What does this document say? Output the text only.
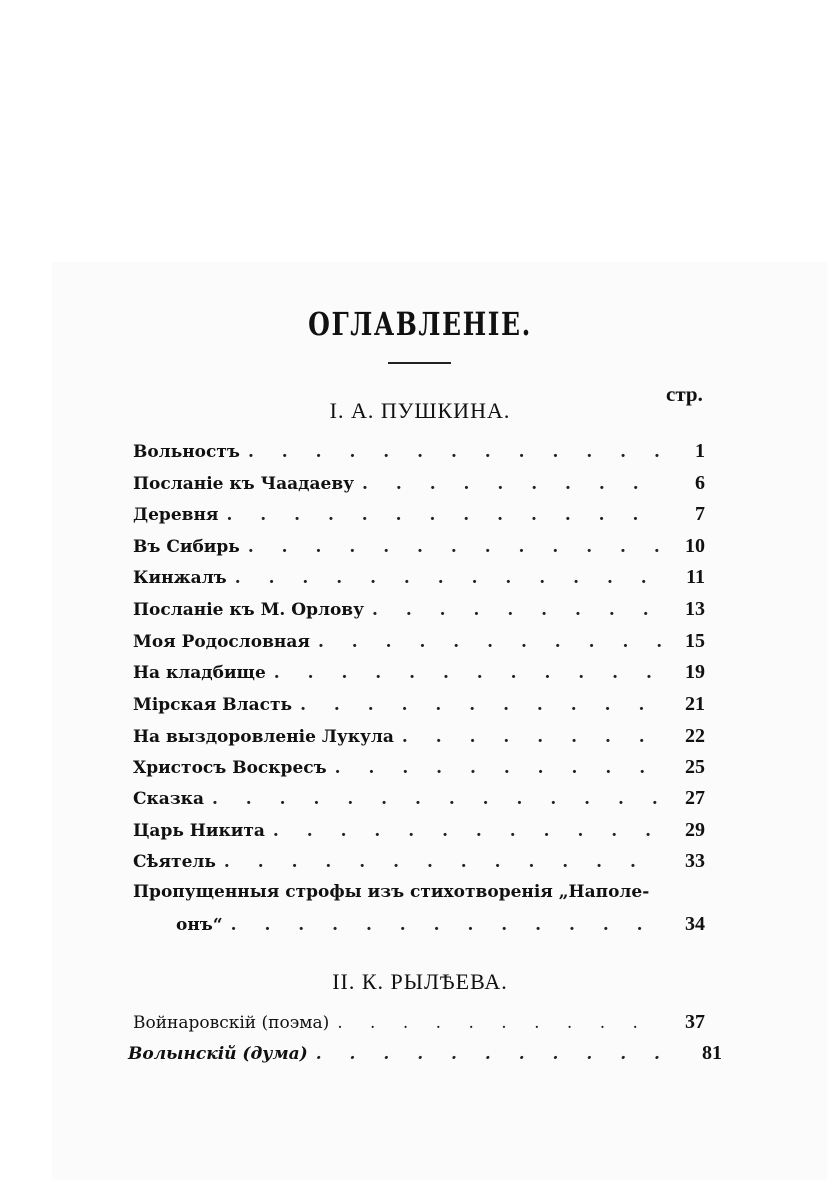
ОГЛАВЛЕНІЕ.
стр.
I. А. ПУШКИНА.
Вольностъ . . .	1
Посланіе къ Чаадаеву . . .	6
Деревня . . .	7
Въ Сибирь . . .	10
Кинжалъ . . .	11
Посланіе къ М. Орлову . . .	13
Моя Родословная . . .	15
На кладбище . . .	19
Мірская Власть . . .	21
На выздоровленіе Лукула . . .	22
Христосъ Воскресъ . . .	25
Сказка . . .	27
Царь Никита . . .	29
Сѣятель . . .	33
Пропущенныя строфы изъ стихотворенія „Наполе-
онъ“ . . .	34
II. К. РЫЛѢЕВА.
Войнаровскій (поэма) . . .	37
Волынскій (дума) . . .	81
